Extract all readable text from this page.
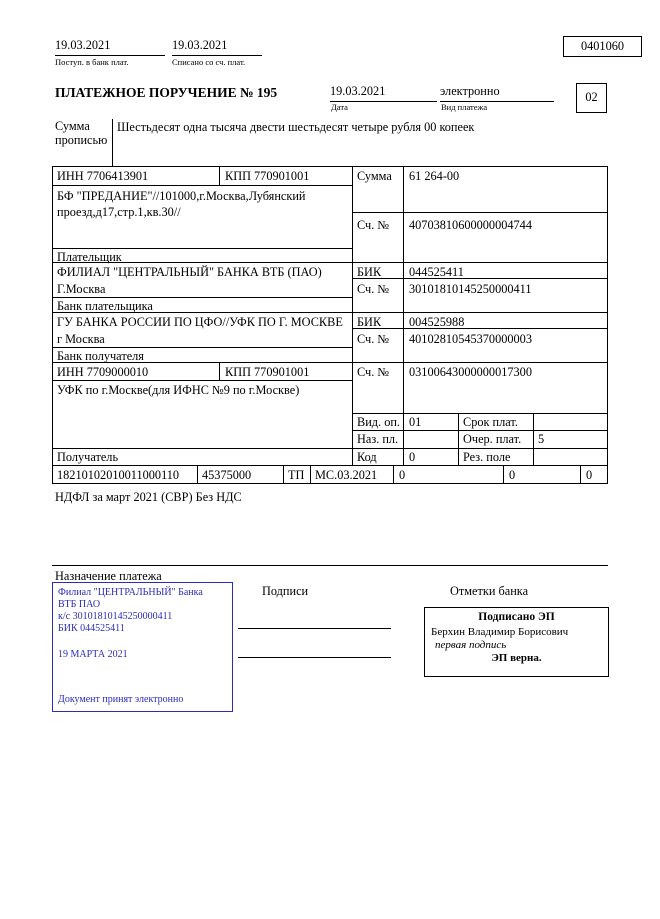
19.03.2021
Поступ. в банк плат.
19.03.2021
Списано со сч. плат.
0401060
ПЛАТЕЖНОЕ ПОРУЧЕНИЕ № 195	19.03.2021
Дата
электронно
Вид платежа
02
Сумма
прописью
Шестьдесят одна тысяча двести шестьдесят четыре рубля 00 копеек
ИНН 7706413901	КПП 770901001	Сумма 61 264-00
БФ "ПРЕДАНИЕ"//101000,г.Москва,Лубянский
проезд,д17,стр.1,кв.30//
Сч. № 40703810600000004744
Плательщик
ФИЛИАЛ "ЦЕНТРАЛЬНЫЙ" БАНКА ВТБ (ПАО)	БИК 044525411
Г.Москва	Сч. № 30101810145250000411
Банк плательщика
ГУ БАНКА РОССИИ ПО ЦФО//УФК ПО Г. МОСКВЕ БИК 004525988
г Москва	Сч. № 40102810545370000003
Банк получателя
ИНН 7709000010	КПП 770901001	Сч. № 03100643000000017300
УФК по г.Москве(для ИФНС №9 по г.Москве)
Вид. оп. 01	Срок плат.
Наз. пл.	Очер. плат. 5
Код	0	Рез. поле
Получатель
18210102010011000110 45375000	ТП МС.03.2021 0	0	0
НДФЛ за март 2021 (СВР) Без НДС
Назначение платежа
Филиал "ЦЕНТРАЛЬНЫЙ" Банка
ВТБ ПАО
к/с 30101810145250000411
БИК 044525411
19 МАРТА 2021
Документ принят электронно
Подписи	Отметки банка
Подписано ЭП
Берхин Владимир Борисович
первая подпись
ЭП верна.
